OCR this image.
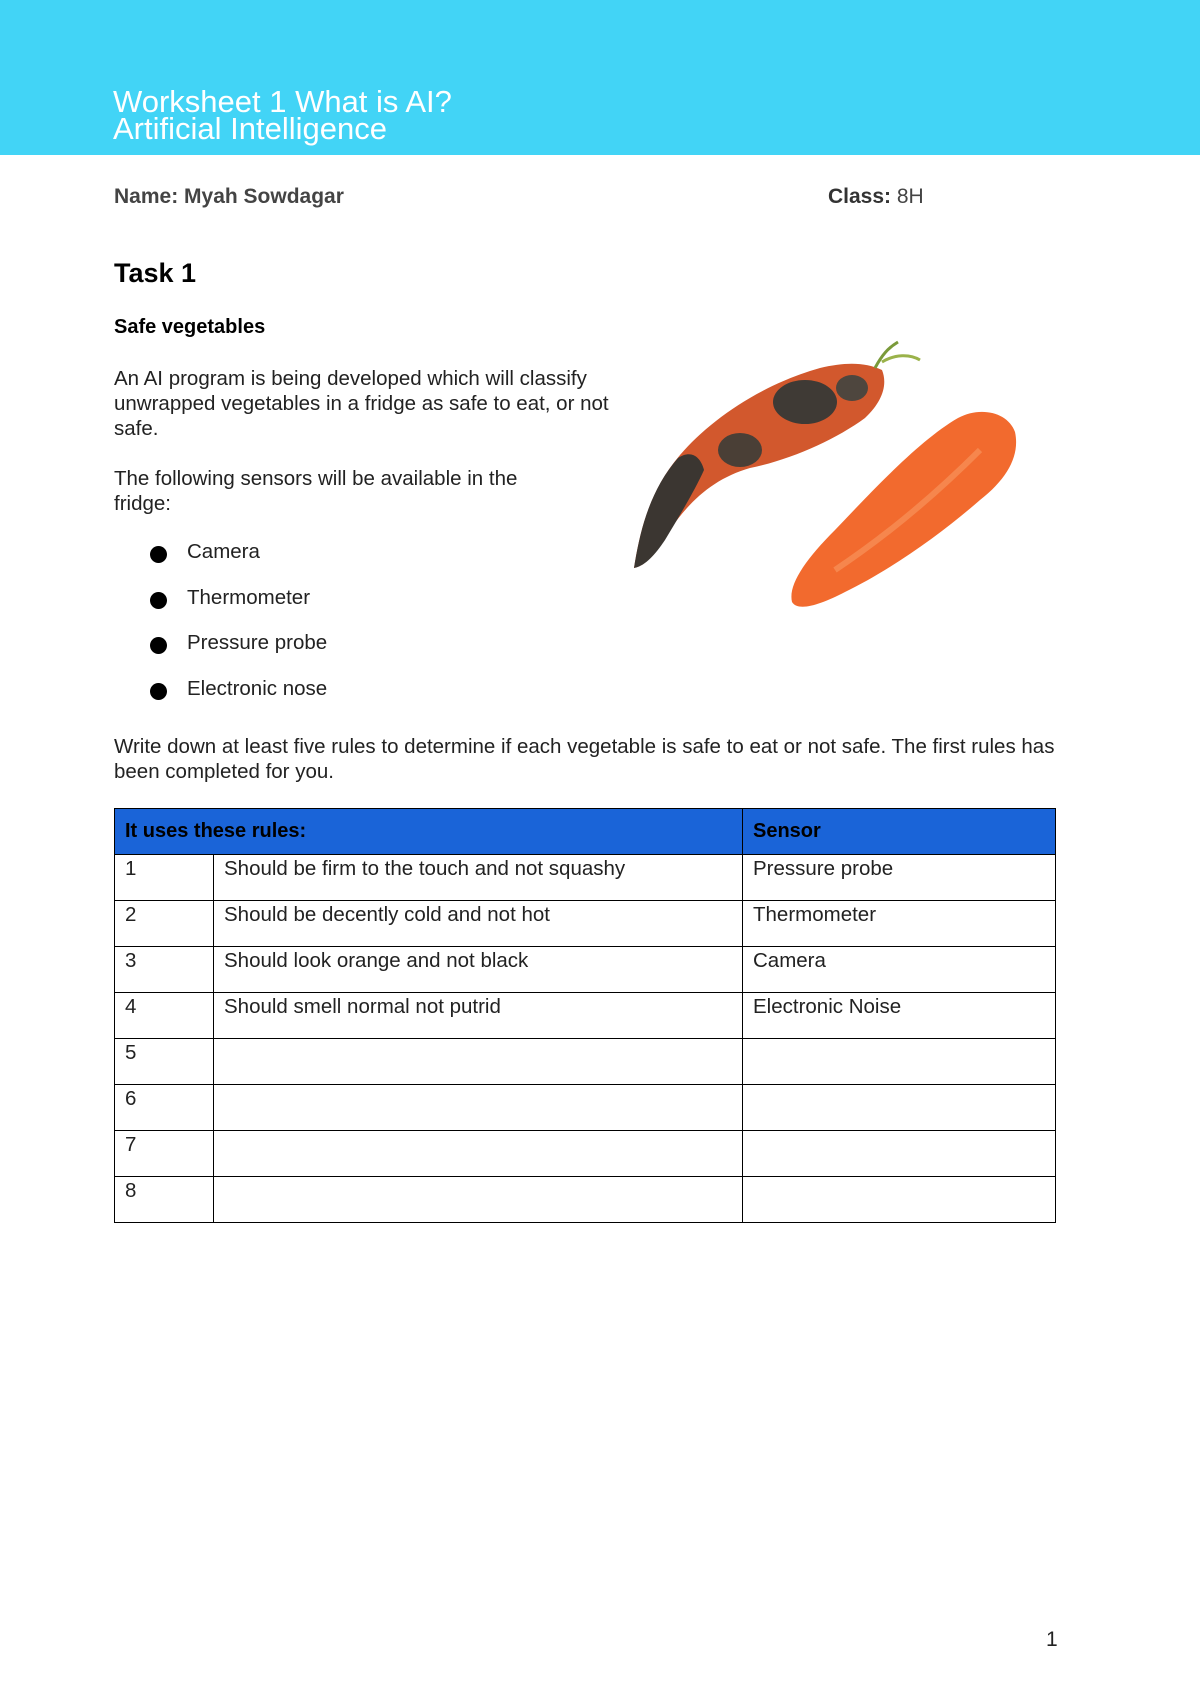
Worksheet 1 What is AI?
Artificial Intelligence
Name: Myah Sowdagar	Class: 8H
Task 1
Safe vegetables
An AI program is being developed which will classify unwrapped vegetables in a fridge as safe to eat, or not safe.
The following sensors will be available in the fridge:
Camera
Thermometer
Pressure probe
Electronic nose
Write down at least five rules to determine if each vegetable is safe to eat or not safe. The first rules has been completed for you.
It uses these rules:		Sensor
1	Should be firm to the touch and not squashy	Pressure probe
2	Should be decently cold and not hot	Thermometer
3	Should look orange and not black	Camera
4	Should smell normal not putrid	Electronic Noise
5		
6		
7		
8		
1
